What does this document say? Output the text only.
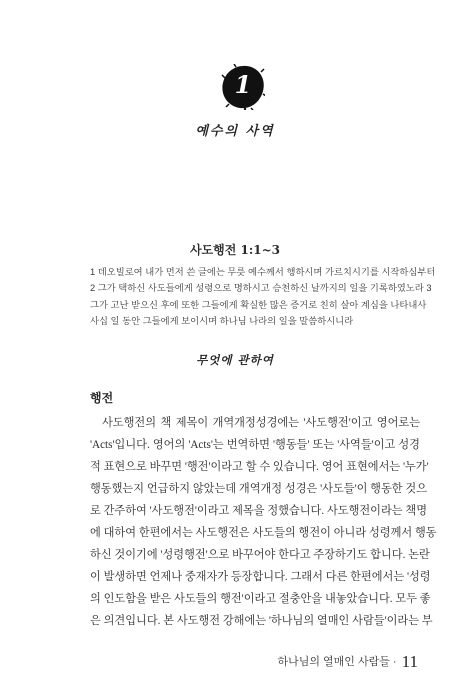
1
예수의 사역
사도행전 1:1~3

1 데오빌로여 내가 먼저 쓴 글에는 무릇 예수께서 행하시며 가르치시기를 시작하심부터

2 그가 택하신 사도들에게 성령으로 명하시고 승천하신 날까지의 일을 기록하였노라 3

그가 고난 받으신 후에 또한 그들에게 확실한 많은 증거로 친히 살아 계심을 나타내사

사십 일 동안 그들에게 보이시며 하나님 나라의 일을 말씀하시니라

무엇에 관하여
행전
사도행전의 책 제목이 개역개정성경에는 '사도행전'이고 영어로는
'Acts'입니다. 영어의 'Acts'는 번역하면 '행동들' 또는 '사역들'이고 성경
적 표현으로 바꾸면 '행전'이라고 할 수 있습니다. 영어 표현에서는 '누가'
행동했는지 언급하지 않았는데 개역개정 성경은 '사도들'이 행동한 것으
로 간주하여 '사도행전'이라고 제목을 정했습니다. 사도행전이라는 책명
에 대하여 한편에서는 사도행전은 사도들의 행전이 아니라 성령께서 행동
하신 것이기에 '성령행전'으로 바꾸어야 한다고 주장하기도 합니다. 논란
이 발생하면 언제나 중재자가 등장합니다. 그래서 다른 한편에서는 '성령
의 인도함을 받은 사도들의 행전'이라고 절충안을 내놓았습니다. 모두 좋
은 의견입니다. 본 사도행전 강해에는 '하나님의 열매인 사람들'이라는 부
하나님의 열매인 사람들 · 11
